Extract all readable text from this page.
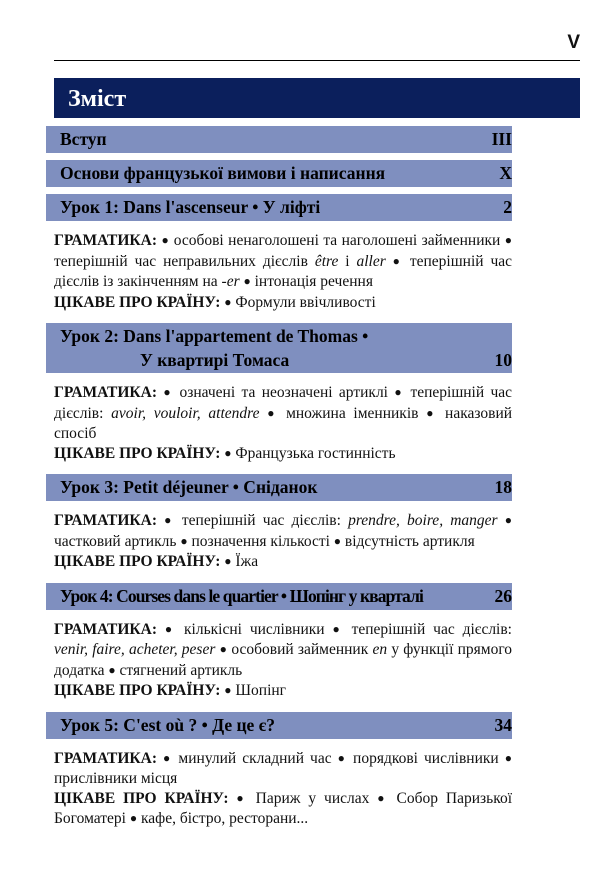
V
Зміст
Вступ	III
Основи французької вимови і написання	X
Урок 1: Dans l'ascenseur • У ліфті	2
ГРАМАТИКА: ● особові ненаголошені та наголошені займенники ● теперішній час неправильних дієслів être і aller ● теперішній час дієслів із закінченням на -er ● інтонація речення
ЦІКАВЕ ПРО КРАЇНУ: ● Формули ввічливості
Урок 2: Dans l'appartement de Thomas •
У квартирі Томаса	10
ГРАМАТИКА: ● означені та неозначені артиклі ● теперішній час дієслів: avoir, vouloir, attendre ● множина іменників ● наказовий спосіб
ЦІКАВЕ ПРО КРАЇНУ: ● Французька гостинність
Урок 3: Petit déjeuner • Сніданок	18
ГРАМАТИКА: ● теперішній час дієслів: prendre, boire, manger ● частковий артикль ● позначення кількості ● відсутність артикля
ЦІКАВЕ ПРО КРАЇНУ: ● Їжа
Урок 4: Courses dans le quartier • Шопінг у кварталі	26
ГРАМАТИКА: ● кількісні числівники ● теперішній час дієслів: venir, faire, acheter, peser ● особовий займенник en у функції прямого додатка ● стягнений артикль
ЦІКАВЕ ПРО КРАЇНУ: ● Шопінг
Урок 5: C'est où ? • Де це є?	34
ГРАМАТИКА: ● минулий складний час ● порядкові числівники ● прислівники місця
ЦІКАВЕ ПРО КРАЇНУ: ● Париж у числах ● Собор Паризької Богоматері ● кафе, бістро, ресторани...
